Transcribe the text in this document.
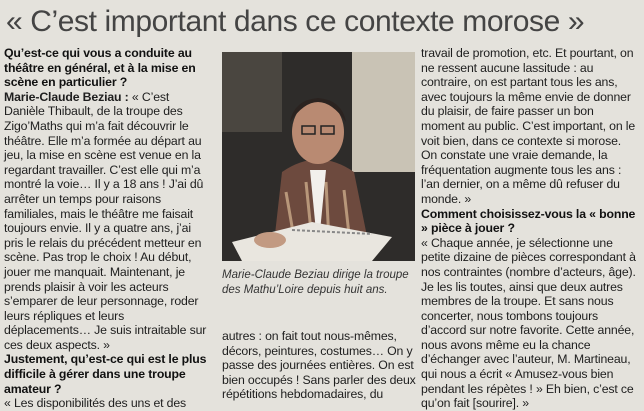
« C’est important dans ce contexte morose »

Qu’est-ce qui vous a conduite au théâtre en général, et à la mise en scène en particulier ?

Marie-Claude Beziau : « C’est Danièle Thibault, de la troupe des Zigo’Maths qui m’a fait découvrir le théâtre. Elle m’a formée au départ au jeu, la mise en scène est venue en la regardant travailler. C’est elle qui m’a montré la voie… Il y a 18 ans ! J’ai dû arrêter un temps pour raisons familiales, mais le théâtre me faisait toujours envie. Il y a quatre ans, j’ai pris le relais du précédent metteur en scène. Pas trop le choix ! Au début, jouer me manquait. Maintenant, je prends plaisir à voir les acteurs s’emparer de leur personnage, roder leurs répliques et leurs déplacements… Je suis intraitable sur ces deux aspects. »

Justement, qu’est-ce qui est le plus difficile à gérer dans une troupe amateur ?

« Les disponibilités des uns et des

Marie-Claude Beziau dirige la troupe des Mathu’Loire depuis huit ans.

autres : on fait tout nous-mêmes, décors, peintures, costumes… On y passe des journées entières. On est bien occupés ! Sans parler des deux répétitions hebdomadaires, du

travail de promotion, etc. Et pourtant, on ne ressent aucune lassitude : au contraire, on est partant tous les ans, avec toujours la même envie de donner du plaisir, de faire passer un bon moment au public. C’est important, on le voit bien, dans ce contexte si morose. On constate une vraie demande, la fréquentation augmente tous les ans : l’an dernier, on a même dû refuser du monde. »

Comment choisissez-vous la « bonne » pièce à jouer ?

« Chaque année, je sélectionne une petite dizaine de pièces correspondant à nos contraintes (nombre d’acteurs, âge). Je les lis toutes, ainsi que deux autres membres de la troupe. Et sans nous concerter, nous tombons toujours d’accord sur notre favorite. Cette année, nous avons même eu la chance d’échanger avec l’auteur, M. Martineau, qui nous a écrit « Amusez-vous bien pendant les répètes ! » Eh bien, c’est ce qu’on fait [sourire]. »
